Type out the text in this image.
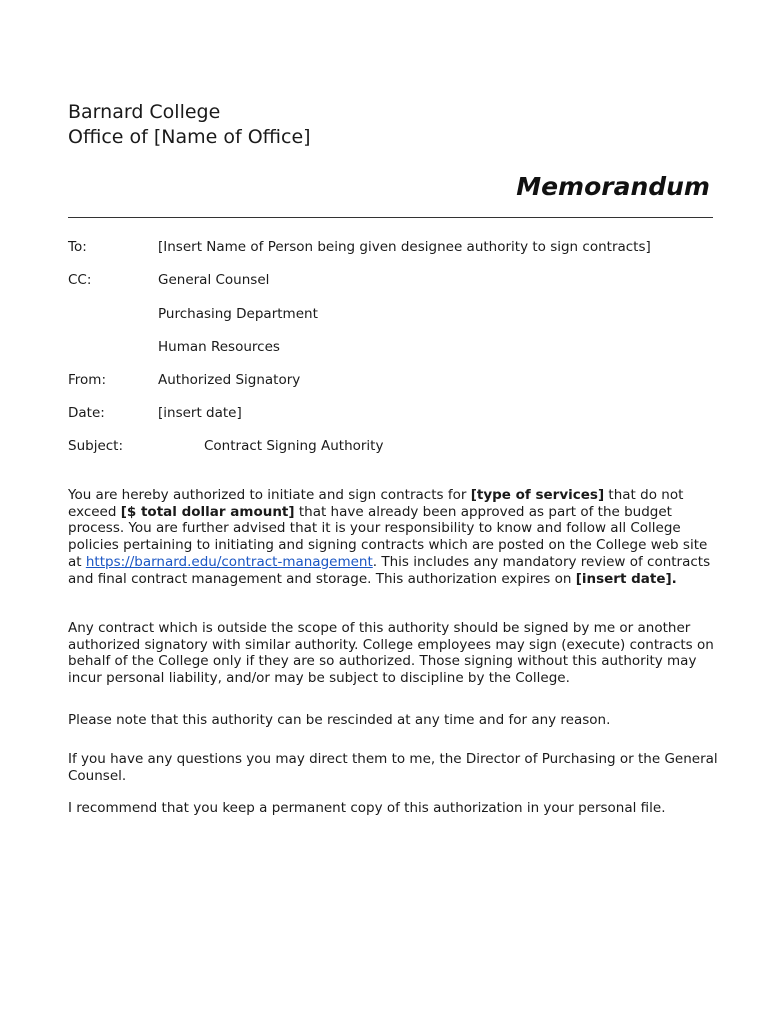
Barnard College
Office of [Name of Office]
Memorandum
To:	[Insert Name of Person being given designee authority to sign contracts]
CC:	General Counsel
Purchasing Department
Human Resources
From:	Authorized Signatory
Date:	[insert date]
Subject:	Contract Signing Authority

You are hereby authorized to initiate and sign contracts for [type of services] that do not exceed [$ total dollar amount] that have already been approved as part of the budget process. You are further advised that it is your responsibility to know and follow all College policies pertaining to initiating and signing contracts which are posted on the College web site at https://barnard.edu/contract-management. This includes any mandatory review of contracts and final contract management and storage. This authorization expires on [insert date].

Any contract which is outside the scope of this authority should be signed by me or another authorized signatory with similar authority. College employees may sign (execute) contracts on behalf of the College only if they are so authorized. Those signing without this authority may incur personal liability, and/or may be subject to discipline by the College.

Please note that this authority can be rescinded at any time and for any reason.

If you have any questions you may direct them to me, the Director of Purchasing or the General Counsel.

I recommend that you keep a permanent copy of this authorization in your personal file.
